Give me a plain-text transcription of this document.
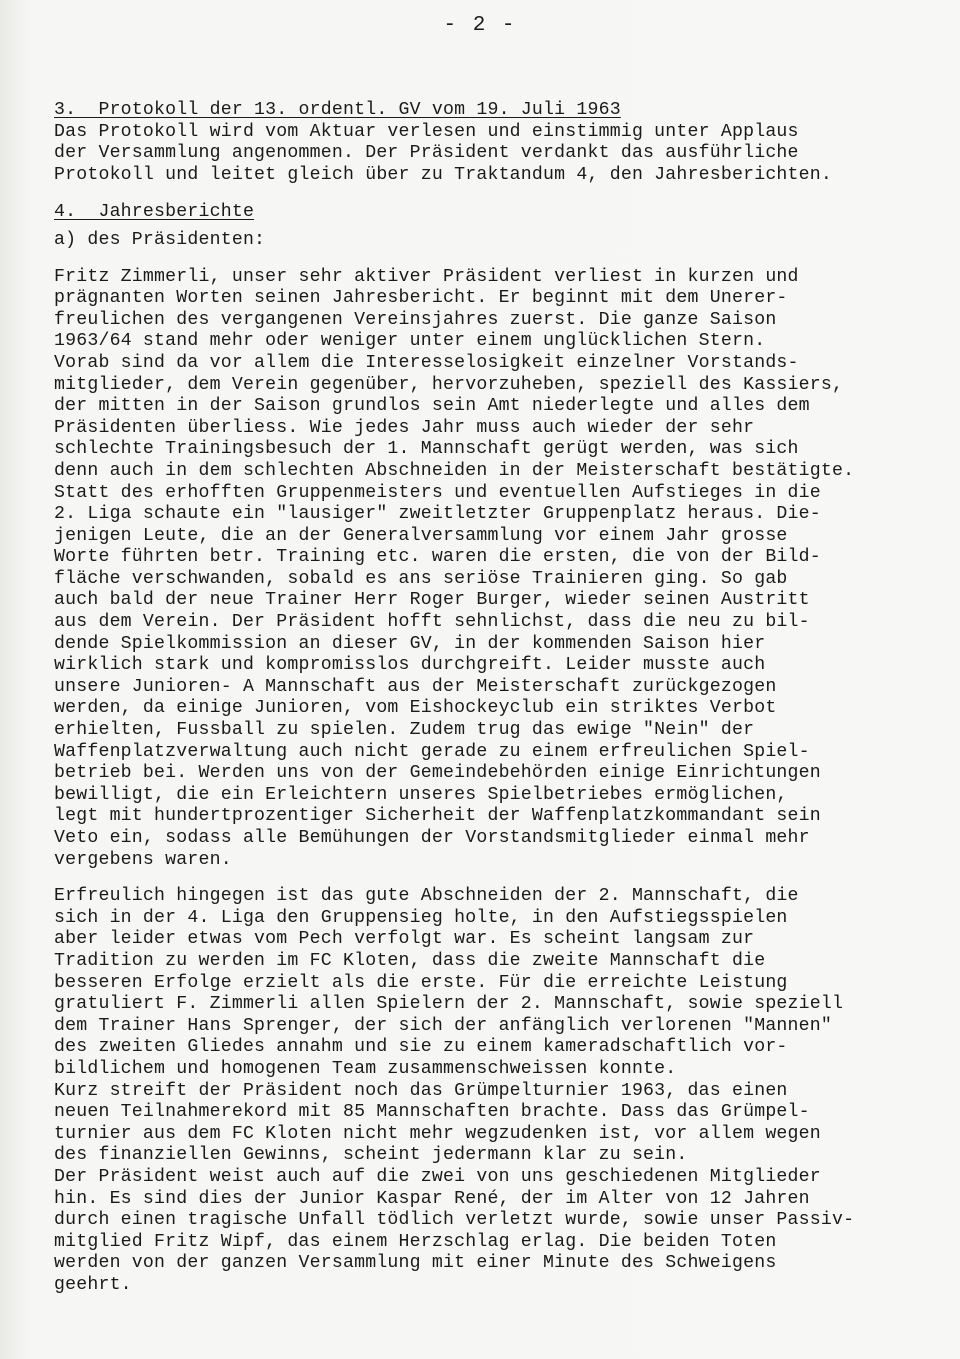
- 2 -
3.  Protokoll der 13. ordentl. GV vom 19. Juli 1963
Das Protokoll wird vom Aktuar verlesen und einstimmig unter Applaus
der Versammlung angenommen. Der Präsident verdankt das ausführliche
Protokoll und leitet gleich über zu Traktandum 4, den Jahresberichten.
4.  Jahresberichte
a) des Präsidenten:
Fritz Zimmerli, unser sehr aktiver Präsident verliest in kurzen und
prägnanten Worten seinen Jahresbericht. Er beginnt mit dem Unerer-
freulichen des vergangenen Vereinsjahres zuerst. Die ganze Saison
1963/64 stand mehr oder weniger unter einem unglücklichen Stern.
Vorab sind da vor allem die Interesselosigkeit einzelner Vorstands-
mitglieder, dem Verein gegenüber, hervorzuheben, speziell des Kassiers,
der mitten in der Saison grundlos sein Amt niederlegte und alles dem
Präsidenten überliess. Wie jedes Jahr muss auch wieder der sehr
schlechte Trainingsbesuch der 1. Mannschaft gerügt werden, was sich
denn auch in dem schlechten Abschneiden in der Meisterschaft bestätigte.
Statt des erhofften Gruppenmeisters und eventuellen Aufstieges in die
2. Liga schaute ein "lausiger" zweitletzter Gruppenplatz heraus. Die-
jenigen Leute, die an der Generalversammlung vor einem Jahr grosse
Worte führten betr. Training etc. waren die ersten, die von der Bild-
fläche verschwanden, sobald es ans seriöse Trainieren ging. So gab
auch bald der neue Trainer Herr Roger Burger, wieder seinen Austritt
aus dem Verein. Der Präsident hofft sehnlichst, dass die neu zu bil-
dende Spielkommission an dieser GV, in der kommenden Saison hier
wirklich stark und kompromisslos durchgreift. Leider musste auch
unsere Junioren- A Mannschaft aus der Meisterschaft zurückgezogen
werden, da einige Junioren, vom Eishockeyclub ein striktes Verbot
erhielten, Fussball zu spielen. Zudem trug das ewige "Nein" der
Waffenplatzverwaltung auch nicht gerade zu einem erfreulichen Spiel-
betrieb bei. Werden uns von der Gemeindebehörden einige Einrichtungen
bewilligt, die ein Erleichtern unseres Spielbetriebes ermöglichen,
legt mit hundertprozentiger Sicherheit der Waffenplatzkommandant sein
Veto ein, sodass alle Bemühungen der Vorstandsmitglieder einmal mehr
vergebens waren.
Erfreulich hingegen ist das gute Abschneiden der 2. Mannschaft, die
sich in der 4. Liga den Gruppensieg holte, in den Aufstiegsspielen
aber leider etwas vom Pech verfolgt war. Es scheint langsam zur
Tradition zu werden im FC Kloten, dass die zweite Mannschaft die
besseren Erfolge erzielt als die erste. Für die erreichte Leistung
gratuliert F. Zimmerli allen Spielern der 2. Mannschaft, sowie speziell
dem Trainer Hans Sprenger, der sich der anfänglich verlorenen "Mannen"
des zweiten Gliedes annahm und sie zu einem kameradschaftlich vor-
bildlichem und homogenen Team zusammenschweissen konnte.
Kurz streift der Präsident noch das Grümpelturnier 1963, das einen
neuen Teilnahmerekord mit 85 Mannschaften brachte. Dass das Grümpel-
turnier aus dem FC Kloten nicht mehr wegzudenken ist, vor allem wegen
des finanziellen Gewinns, scheint jedermann klar zu sein.
Der Präsident weist auch auf die zwei von uns geschiedenen Mitglieder
hin. Es sind dies der Junior Kaspar René, der im Alter von 12 Jahren
durch einen tragische Unfall tödlich verletzt wurde, sowie unser Passiv-
mitglied Fritz Wipf, das einem Herzschlag erlag. Die beiden Toten
werden von der ganzen Versammlung mit einer Minute des Schweigens
geehrt.
